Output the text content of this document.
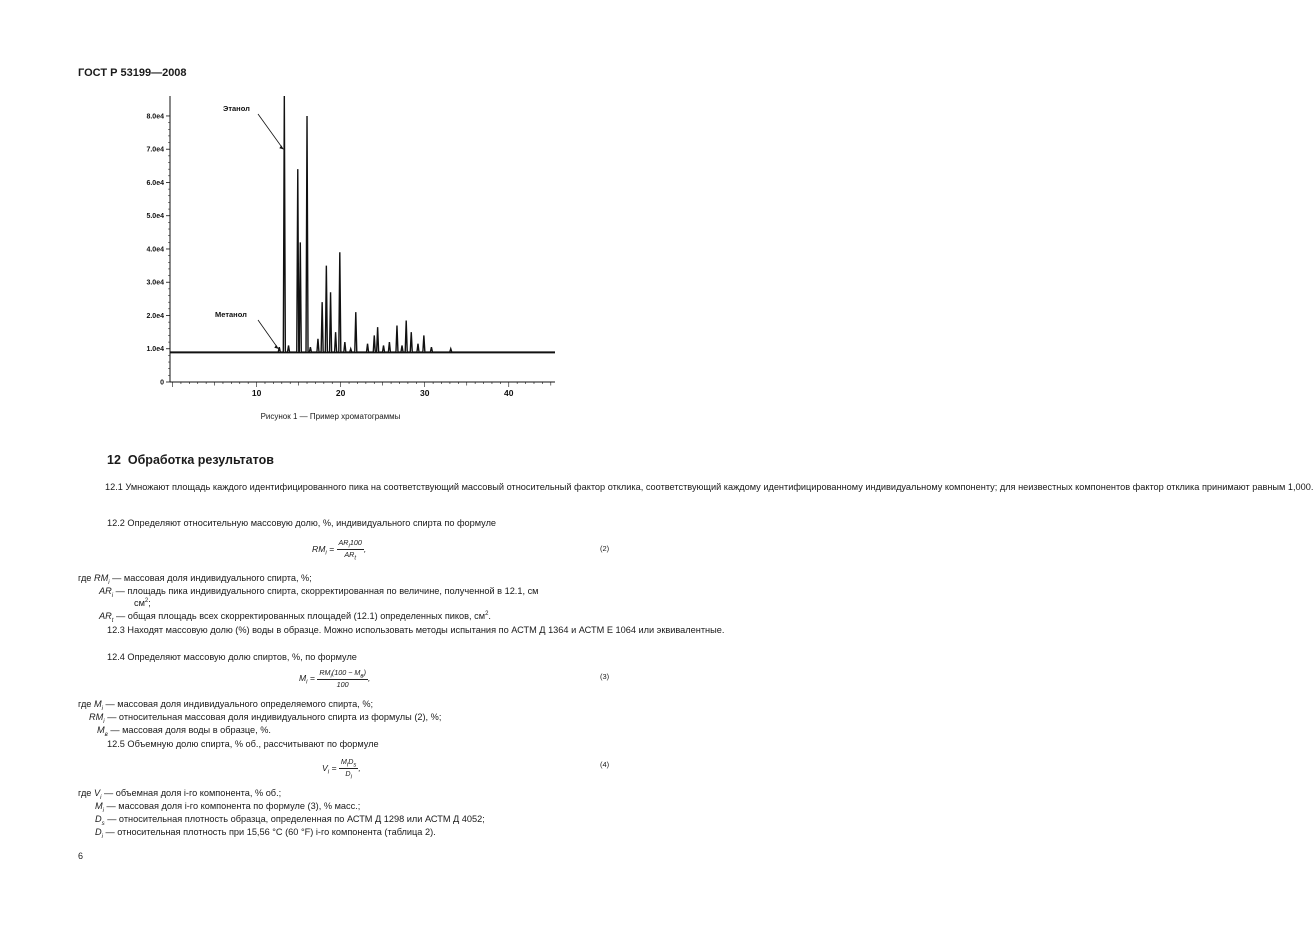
ГОСТ Р 53199—2008
0
1.0e4
2.0e4
3.0e4
4.0e4
5.0e4
6.0e4
7.0e4
8.0e4
10	20	30	40
Этанол
Метанол
Рисунок 1 — Пример хроматограммы
12 Обработка результатов
12.1 Умножают площадь каждого идентифицированного пика на соответствующий массовый относительный фактор отклика, соответствующий каждому идентифицированному индивидуальному компоненту; для неизвестных компонентов фактор отклика принимают равным 1,000.
12.2 Определяют относительную массовую долю, %, индивидуального спирта по формуле
$RM_i = \frac{AR_i100}{AR_t}$ ,	(2)
где $RM_i$ — массовая доля индивидуального спирта, %;
$AR_i$ — площадь пика индивидуального спирта, скорректированная по величине, полученной в 12.1, см
$см^2$;
$AR_t$ — общая площадь всех скорректированных площадей (12.1) определенных пиков, $см^2$.
12.3 Находят массовую долю (%) воды в образце. Можно использовать методы испытания по АСТМ Д 1364 и АСТМ Е 1064 или эквивалентные.
12.4 Определяют массовую долю спиртов, %, по формуле
$M_i = \frac{RM_i(100 - M_в)}{100}$ ,	(3)
где $M_i$ — массовая доля индивидуального определяемого спирта, %;
$RM_i$ — относительная массовая доля индивидуального спирта из формулы (2), %;
$M_в$ — массовая доля воды в образце, %.
12.5 Объемную долю спирта, % об., рассчитывают по формуле
$V_i = \frac{M_iD_s}{D_i}$ ,	(4)
где $V_i$ — объемная доля i-го компонента, % об.;
$M_i$ — массовая доля i-го компонента по формуле (3), % масс.;
$D_s$ — относительная плотность образца, определенная по АСТМ Д 1298 или АСТМ Д 4052;
$D_i$ — относительная плотность при 15,56 °С (60 °F) i-го компонента (таблица 2).
6
